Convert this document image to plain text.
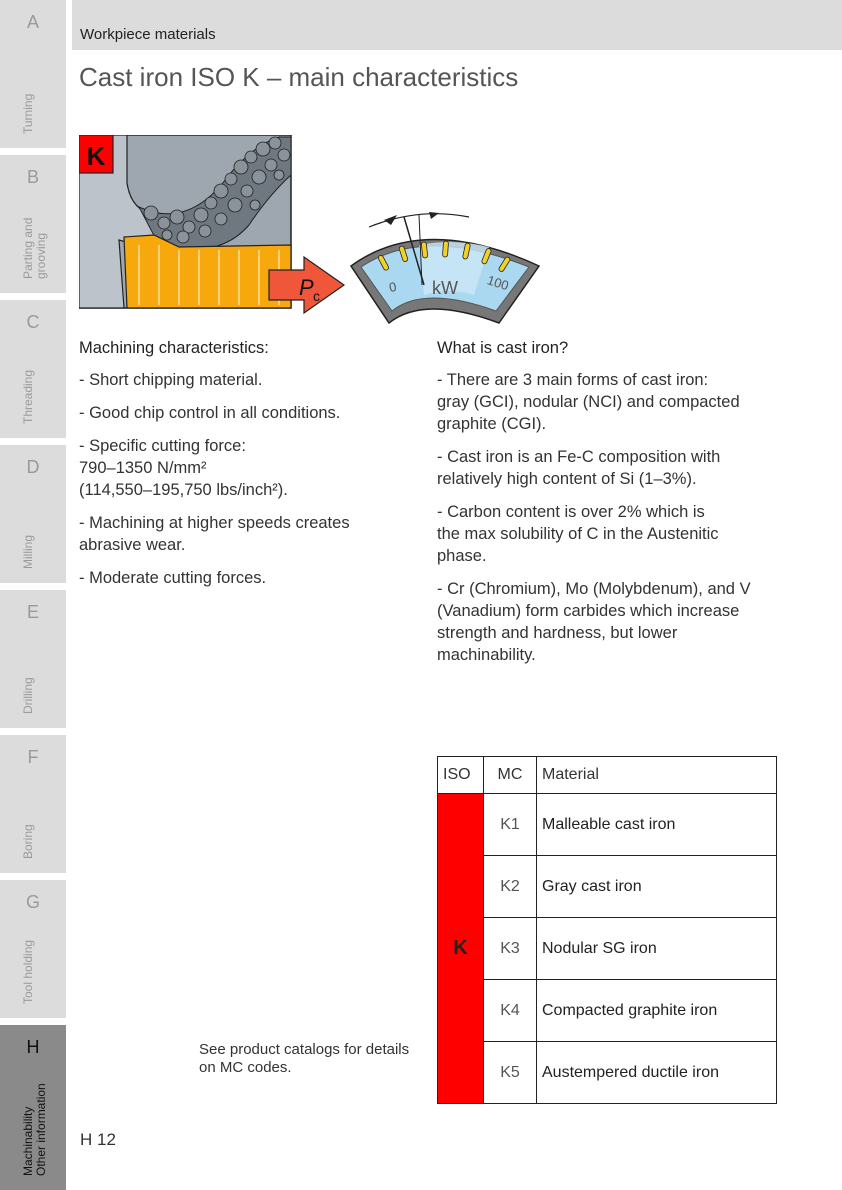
A
Turning
B
Parting and grooving
C
Threading
D
Milling
E
Drilling
F
Boring
G
Tool holding
H
Machinability Other information
Workpiece materials
Cast iron ISO K – main characteristics
K
P c
0 kW 100
Machining characteristics:
- Short chipping material.
- Good chip control in all conditions.
- Specific cutting force:
790–1350 N/mm²
(114,550–195,750 lbs/inch²).
- Machining at higher speeds creates
abrasive wear.
- Moderate cutting forces.
What is cast iron?
- There are 3 main forms of cast iron:
gray (GCI), nodular (NCI) and compacted
graphite (CGI).
- Cast iron is an Fe-C composition with
relatively high content of Si (1–3%).
- Carbon content is over 2% which is
the max solubility of C in the Austenitic
phase.
- Cr (Chromium), Mo (Molybdenum), and V
(Vanadium) form carbides which increase
strength and hardness, but lower
machinability.
ISO	MC	Material
K	K1	Malleable cast iron
	K2	Gray cast iron
	K3	Nodular SG iron
	K4	Compacted graphite iron
	K5	Austempered ductile iron
See product catalogs for details
on MC codes.
H 12
